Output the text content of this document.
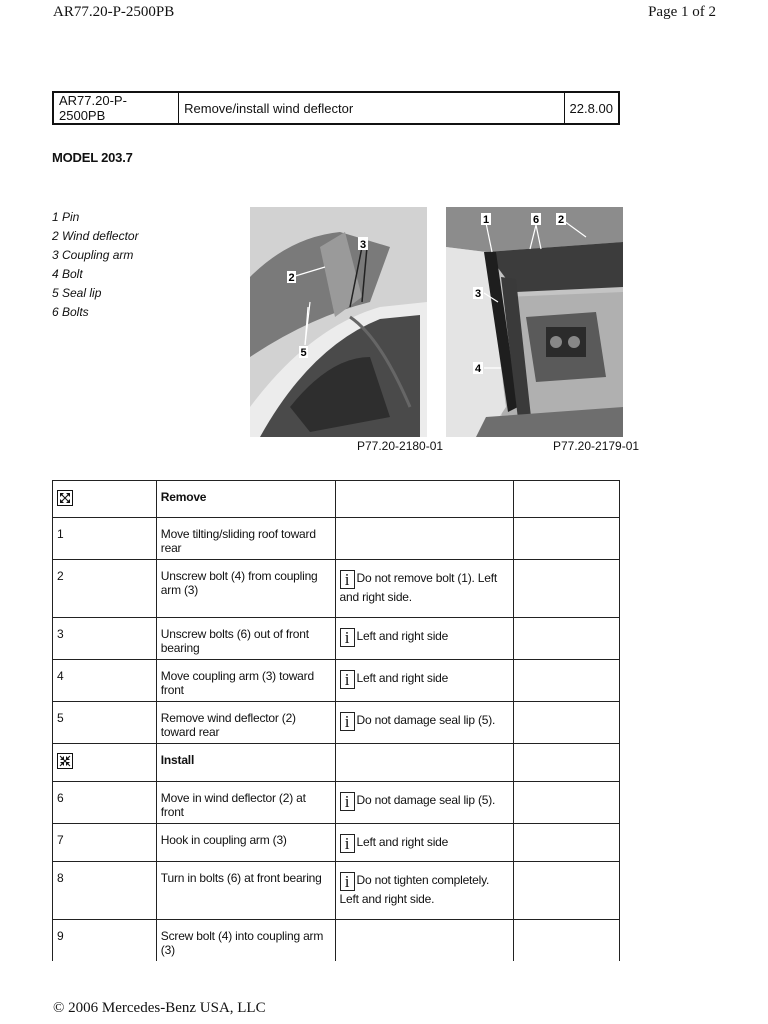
AR77.20-P-2500PB	Page 1 of 2
AR77.20-P-2500PB	Remove/install wind deflector	22.8.00
MODEL 203.7
1 Pin
2 Wind deflector
3 Coupling arm
4 Bolt
5 Seal lip
6 Bolts
2
3
5
P77.20-2180-01
1	6 2
3
4
P77.20-2179-01
	Remove		
1	Move tilting/sliding roof toward rear		
2	Unscrew bolt (4) from coupling arm (3)	i Do not remove bolt (1). Left and right side.	
3	Unscrew bolts (6) out of front bearing	i Left and right side	
4	Move coupling arm (3) toward front	i Left and right side	
5	Remove wind deflector (2) toward rear	i Do not damage seal lip (5).	
	Install		
6	Move in wind deflector (2) at front	i Do not damage seal lip (5).	
7	Hook in coupling arm (3)	i Left and right side	
8	Turn in bolts (6) at front bearing	i Do not tighten completely. Left and right side.	
9	Screw bolt (4) into coupling arm (3)		
© 2006 Mercedes-Benz USA, LLC
